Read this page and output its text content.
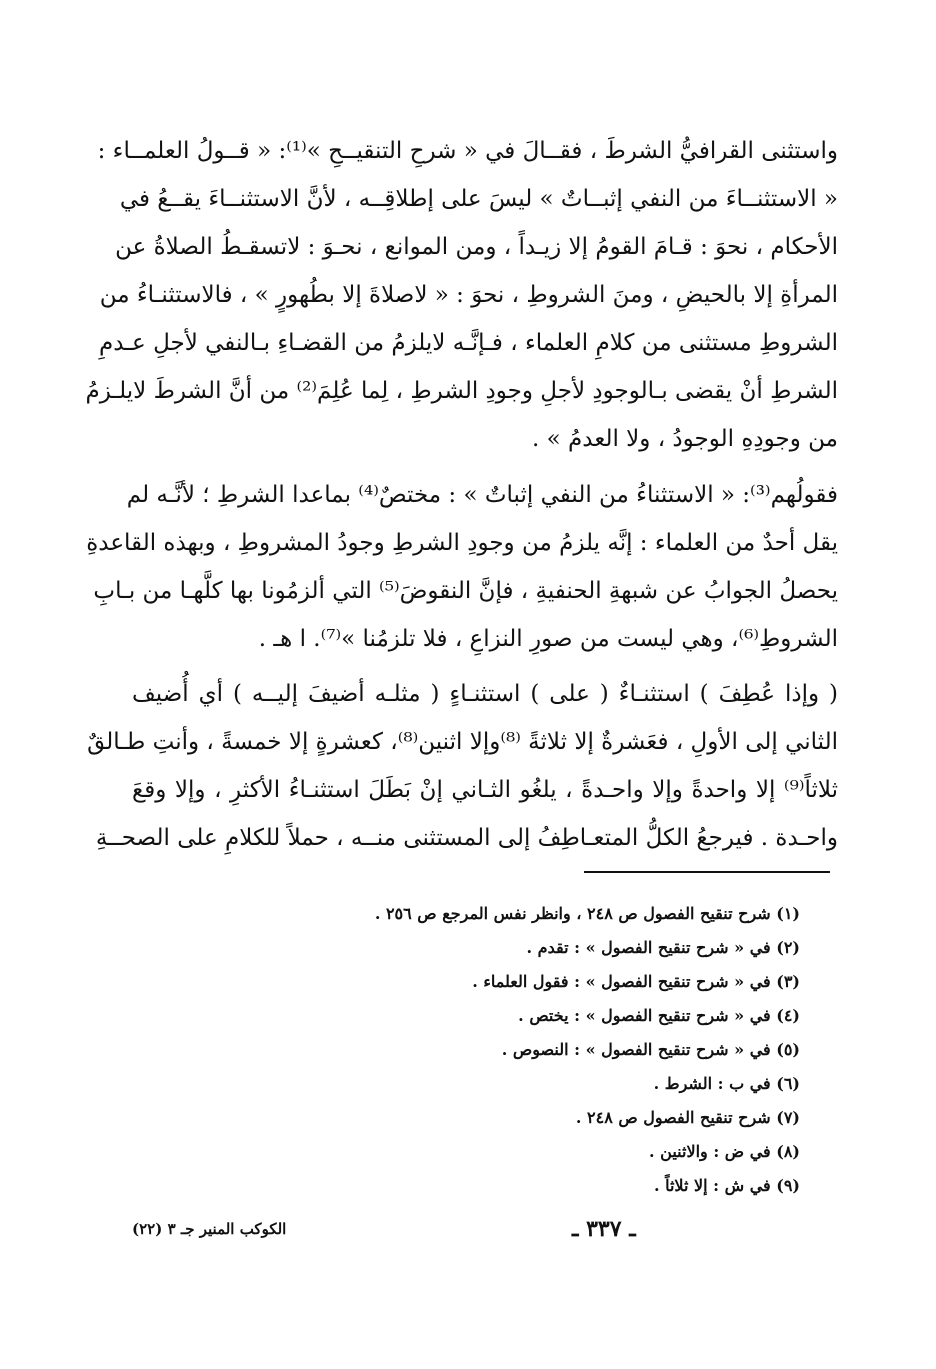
واستثنى القرافيُّ الشرطَ ، فقــالَ في « شرحِ التنقيــحِ »⁽¹⁾: « قــولُ العلمــاء :
« الاستثنــاءَ من النفي إثبــاتٌ » ليسَ على إطلاقِــه ، لأنَّ الاستثنــاءَ يقــعُ في
الأحكام ، نحوَ : قـامَ القومُ إلا زيـداً ، ومن الموانع ، نحـوَ : لاتسقـطُ الصلاةُ عن
المرأةِ إلا بالحيضِ ، ومنَ الشروطِ ، نحوَ : « لاصلاةَ إلا بطُهورٍ » ، فالاستثنـاءُ من
الشروطِ مستثنى من كلامِ العلماء ، فـإنَّـه لايلزمُ من القضـاءِ بـالنفي لأجلِ عـدمِ
الشرطِ أنْ يقضى بـالوجودِ لأجلِ وجودِ الشرطِ ، لِما عُلِمَ⁽²⁾ من أنَّ الشرطَ لايلـزمُ
من وجودِهِ الوجودُ ، ولا العدمُ » .
فقولُهم⁽³⁾: « الاستثناءُ من النفي إثباتٌ » : مختصٌ⁽⁴⁾ بماعدا الشرطِ ؛ لأنَّـه لم
يقل أحدٌ من العلماء : إنَّه يلزمُ من وجودِ الشرطِ وجودُ المشروطِ ، وبهذه القاعدةِ
يحصلُ الجوابُ عن شبهةِ الحنفيةِ ، فإنَّ النقوضَ⁽⁵⁾ التي ألزمُونا بها كلَّهـا من بـابِ
الشروطِ⁽⁶⁾، وهي ليست من صورِ النزاعِ ، فلا تلزمُنا »⁽⁷⁾. ا هـ .
( وإذا عُطِفَ ) استثنـاءٌ ( على ) استثنـاءٍ ( مثلـه أضيفَ إليــه ) أي أُضيف
الثاني إلى الأولِ ، فعَشرةٌ إلا ثلاثةً ⁽⁸⁾وإلا اثنين⁽⁸⁾، كعشرةٍ إلا خمسةً ، وأنتِ طـالقٌ
ثلاثاً⁽⁹⁾ إلا واحدةً وإلا واحـدةً ، يلغُو الثـاني إنْ بَطَلَ استثنـاءُ الأكثرِ ، وإلا وقعَ
واحـدة . فيرجعُ الكلُّ المتعـاطِفُ إلى المستثنى منــه ، حملاً للكلامِ على الصحــةِ
(١) شرح تنقيح الفصول ص ٢٤٨ ، وانظر نفس المرجع ص ٢٥٦ .
(٢) في « شرح تنقيح الفصول » : تقدم .
(٣) في « شرح تنقيح الفصول » : فقول العلماء .
(٤) في « شرح تنقيح الفصول » : يختص .
(٥) في « شرح تنقيح الفصول » : النصوص .
(٦) في ب : الشرط .
(٧) شرح تنقيح الفصول ص ٢٤٨ .
(٨) في ض : والاثنين .
(٩) في ش : إلا ثلاثاً .
ـ ٣٣٧ ـ
الكوكب المنير جـ ٣ (٢٢)
